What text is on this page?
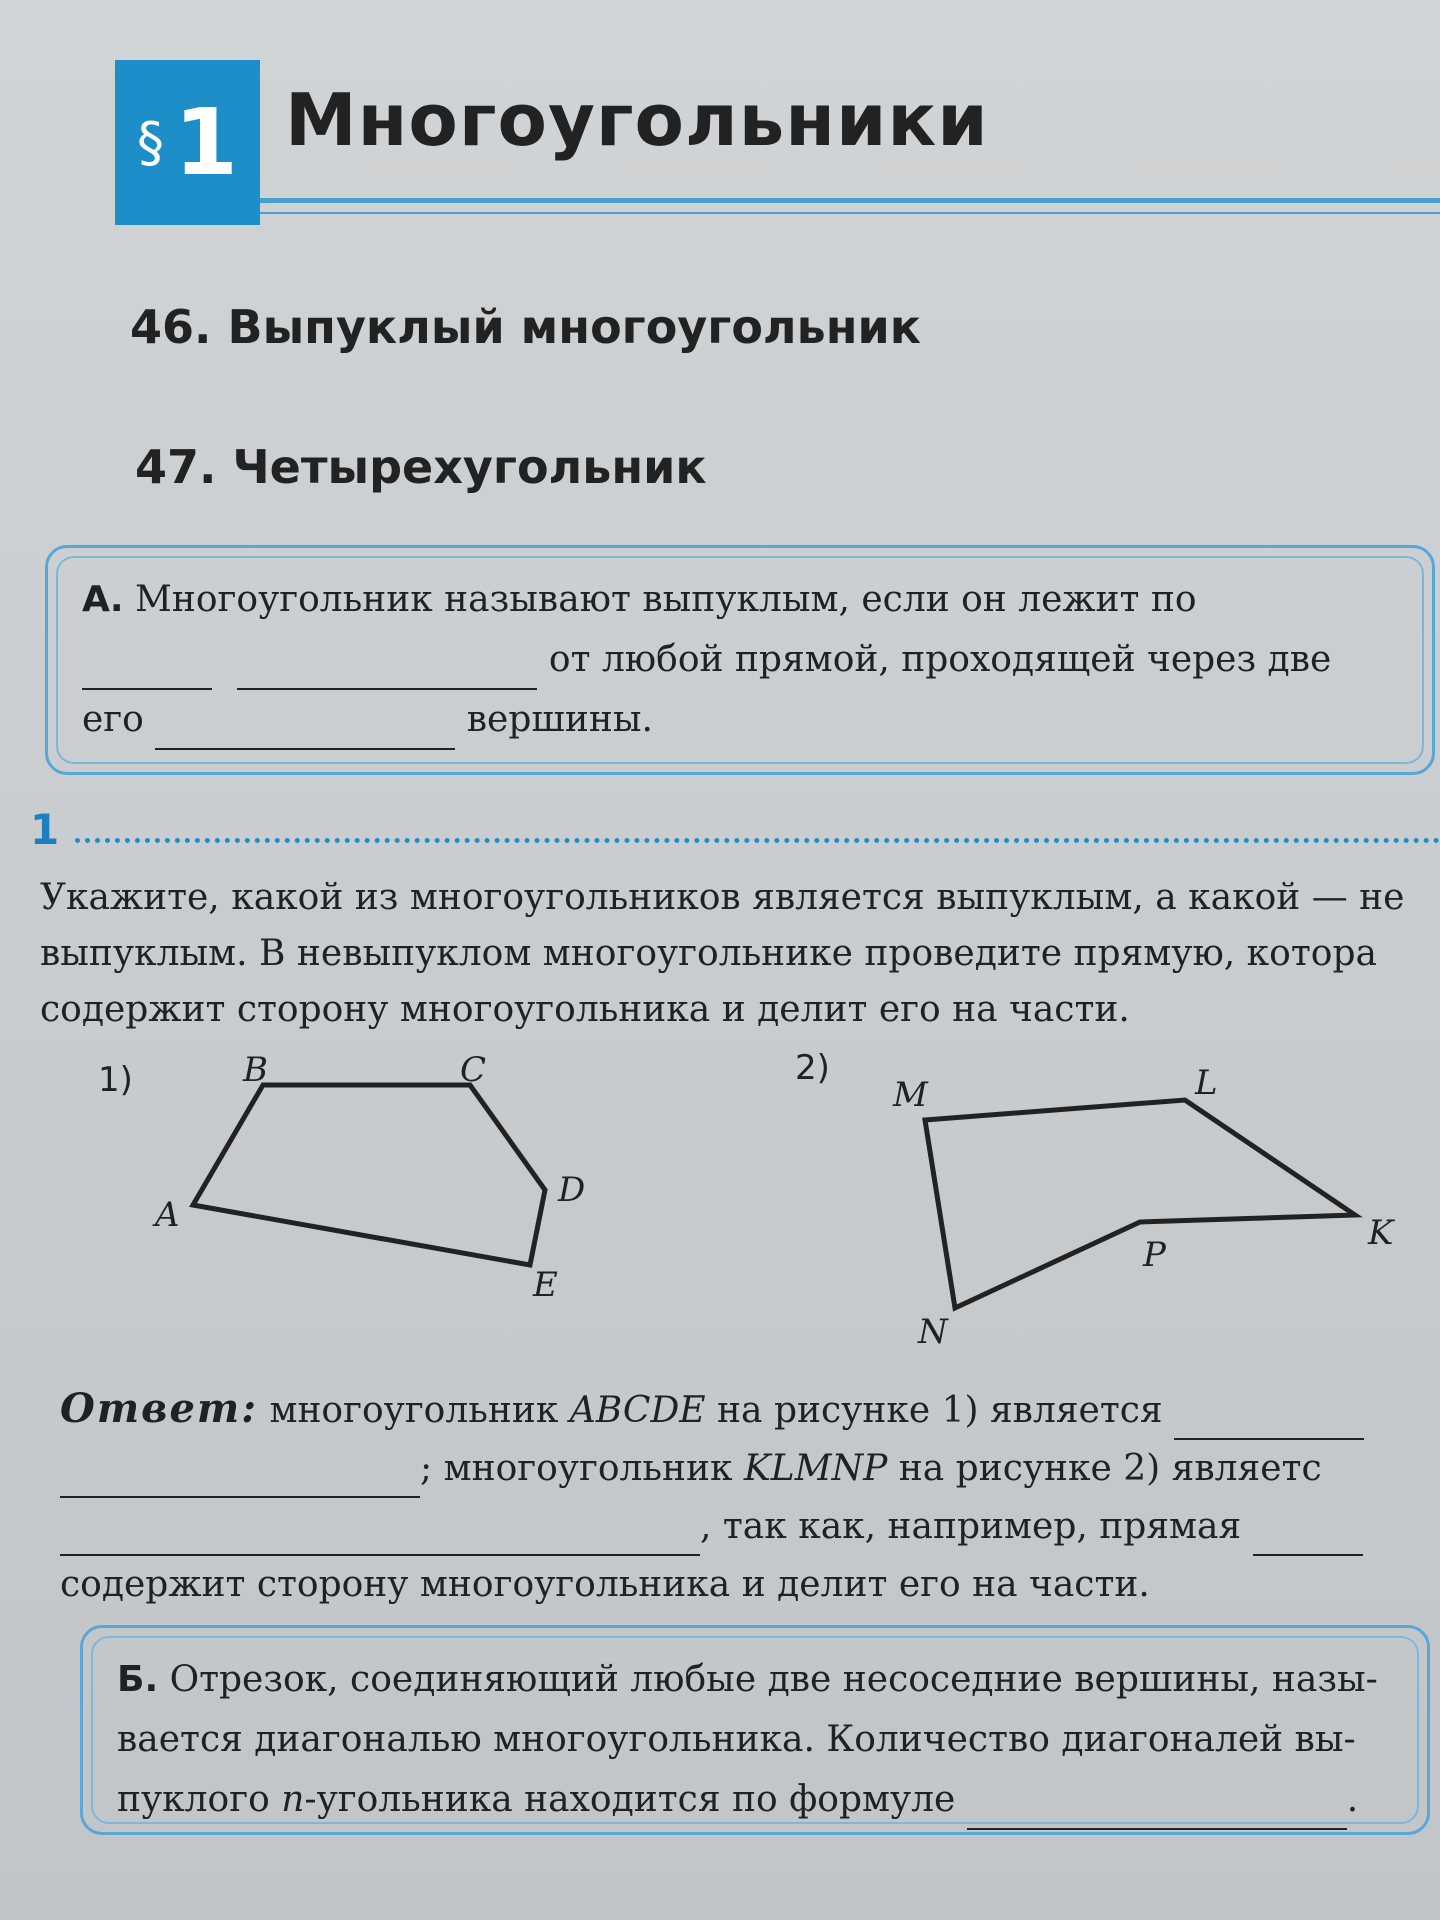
§ 1 Многоугольники
46. Выпуклый многоугольник
47. Четырехугольник
А. Многоугольник называют выпуклым, если он лежит по
от любой прямой, проходящей через две
его	вершины.
1
Укажите, какой из многоугольников является выпуклым, а какой — не
выпуклым. В невыпуклом многоугольнике проведите прямую, котора
содержит сторону многоугольника и делит его на части.
1)	2)
A
B	C
D
E
M	L
K
P
N
Ответ: многоугольник ABCDE на рисунке 1) является
; многоугольник KLMNP на рисунке 2) являетс
, так как, например, прямая
содержит сторону многоугольника и делит его на части.
Б. Отрезок, соединяющий любые две несоседние вершины, назы-
вается диагональю многоугольника. Количество диагоналей вы-
пуклого n-угольника находится по формуле	.
